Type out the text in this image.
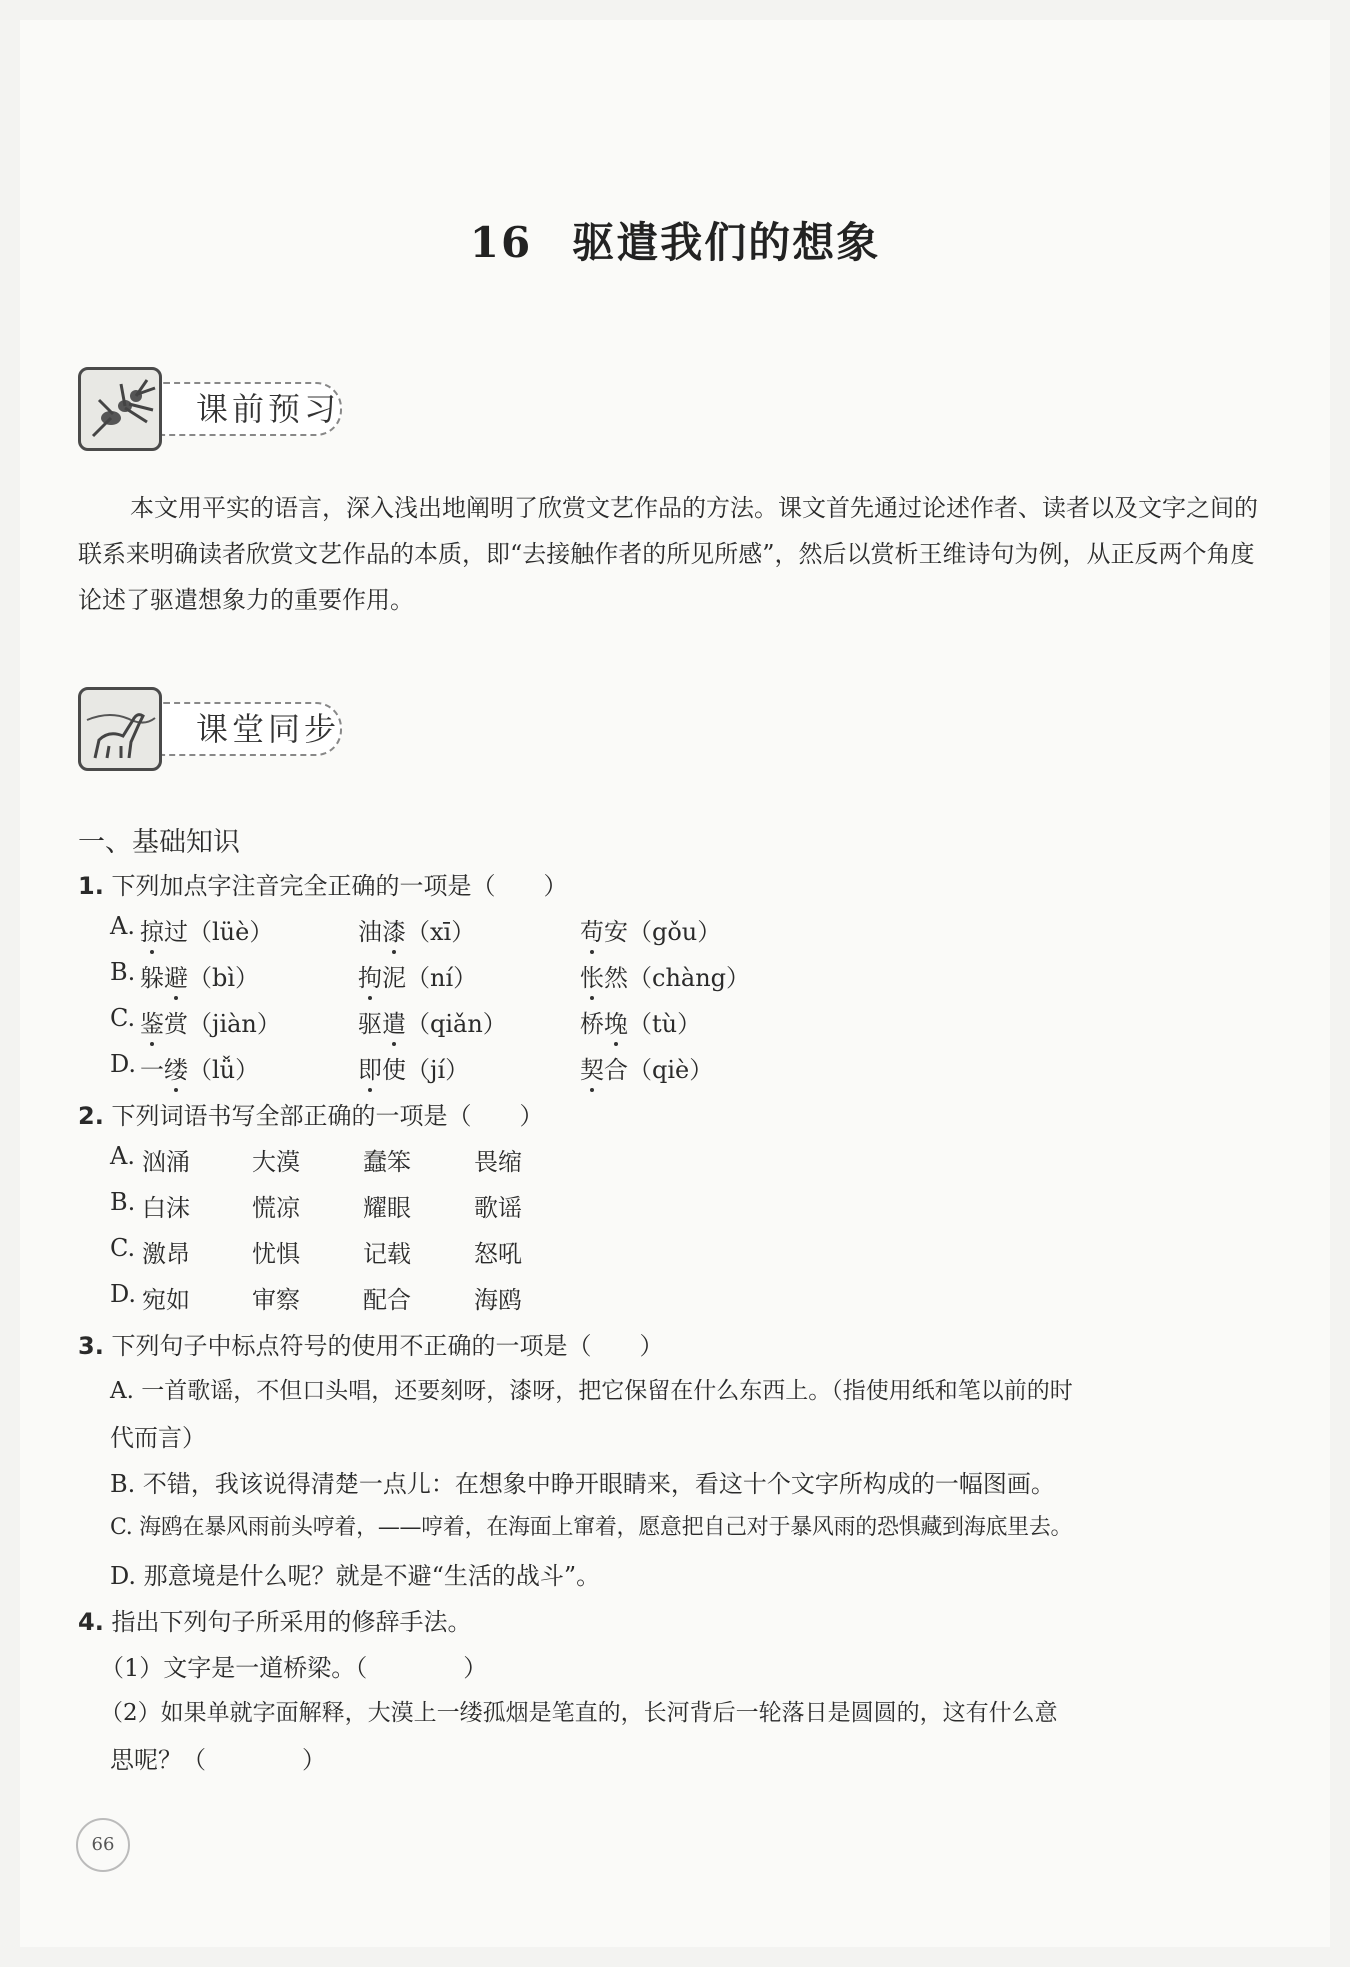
16 驱遣我们的想象
课前预习
本文用平实的语言，深入浅出地阐明了欣赏文艺作品的方法。课文首先通过论述作者、读者以及文字之间的联系来明确读者欣赏文艺作品的本质，即“去接触作者的所见所感”，然后以赏析王维诗句为例，从正反两个角度论述了驱遣想象力的重要作用。
课堂同步
一、基础知识
1. 下列加点字注音完全正确的一项是（　　）
A. 掠过（lüè）	油漆（xī）	苟安（gǒu）
B. 躲避（bì）	拘泥（ní）	怅然（chàng）
C. 鉴赏（jiàn）	驱遣（qiǎn）	桥堍（tù）
D. 一缕（lǚ）	即使（jí）	契合（qiè）
2. 下列词语书写全部正确的一项是（　　）
A. 汹涌	大漠	蠢笨	畏缩
B. 白沫	慌凉	耀眼	歌谣
C. 激昂	忧惧	记载	怒吼
D. 宛如	审察	配合	海鸥
3. 下列句子中标点符号的使用不正确的一项是（　　）
A. 一首歌谣，不但口头唱，还要刻呀，漆呀，把它保留在什么东西上。（指使用纸和笔以前的时
代而言）
B. 不错，我该说得清楚一点儿：在想象中睁开眼睛来，看这十个文字所构成的一幅图画。
C. 海鸥在暴风雨前头哼着，——哼着，在海面上窜着，愿意把自己对于暴风雨的恐惧藏到海底里去。
D. 那意境是什么呢？就是不避“生活的战斗”。
4. 指出下列句子所采用的修辞手法。
（1）文字是一道桥梁。（　　　　）
（2）如果单就字面解释，大漠上一缕孤烟是笔直的，长河背后一轮落日是圆圆的，这有什么意
思呢？（　　　　）
66
